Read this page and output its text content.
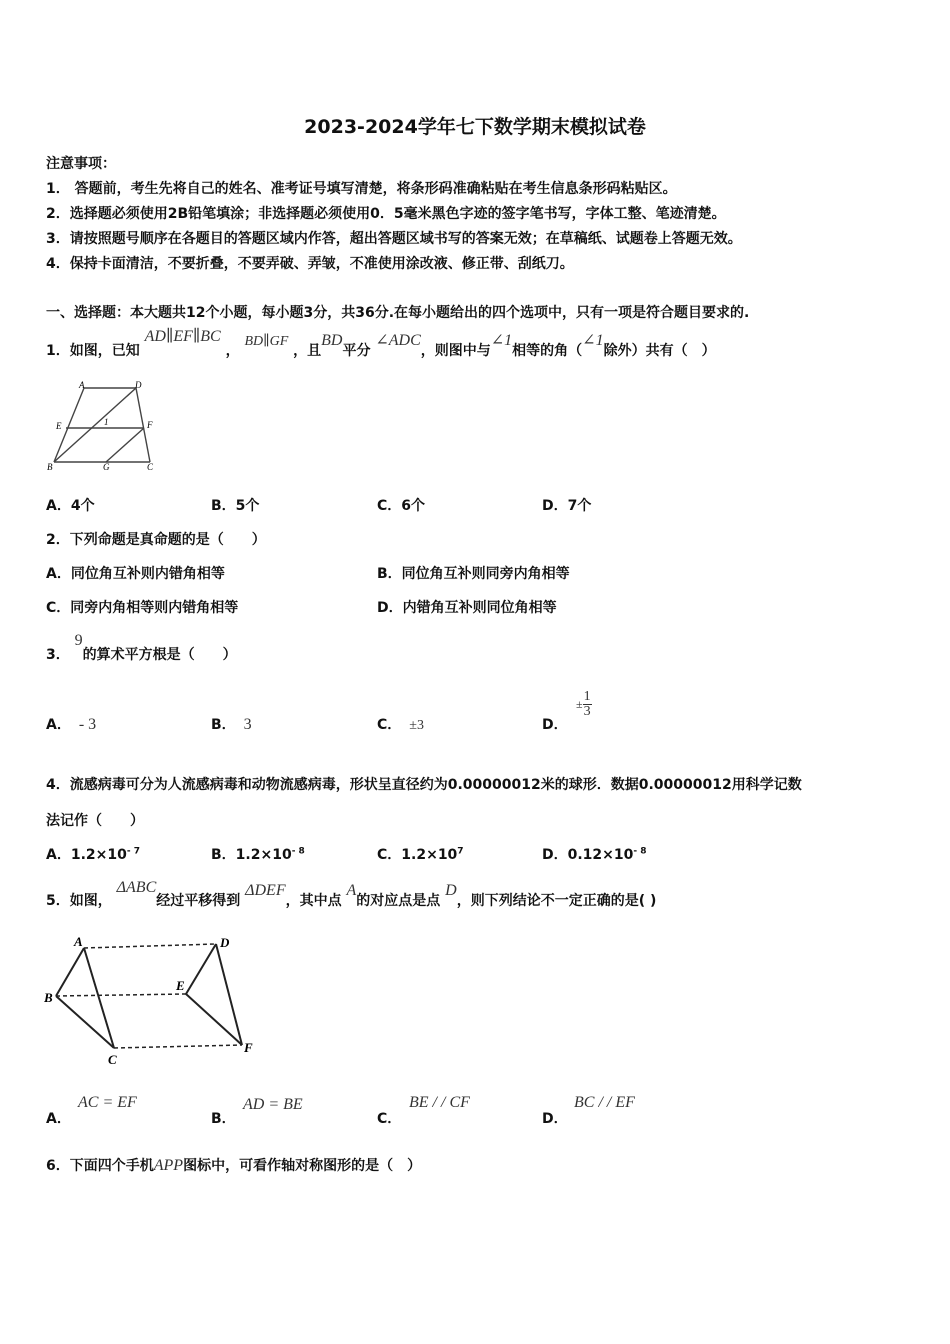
2023-2024学年七下数学期末模拟试卷
注意事项：
1． 答题前，考生先将自己的姓名、准考证号填写清楚，将条形码准确粘贴在考生信息条形码粘贴区。
2．选择题必须使用2B铅笔填涂；非选择题必须使用0．5毫米黑色字迹的签字笔书写，字体工整、笔迹清楚。
3．请按照题号顺序在各题目的答题区域内作答，超出答题区域书写的答案无效；在草稿纸、试题卷上答题无效。
4．保持卡面清洁，不要折叠，不要弄破、弄皱，不准使用涂改液、修正带、刮纸刀。
一、选择题：本大题共12个小题，每小题3分，共36分.在每小题给出的四个选项中，只有一项是符合题目要求的.
1．如图，已知 AD∥EF∥BC ， BD∥GF ，且BD平分 ∠ADC，则图中与∠1相等的角（∠1除外）共有（　）
A	D
E	F
B	G	C
1
A．4个	B．5个	C．6个	D．7个
2．下列命题是真命题的是（　　）
A．同位角互补则内错角相等	B．同位角互补则同旁内角相等
C．同旁内角相等则内错角相等	D．内错角互补则同位角相等
3． 9的算术平方根是（　　）
A． - 3	B． 3	C． ±3	D．
± $\frac{1}{3}$
4．流感病毒可分为人流感病毒和动物流感病毒，形状呈直径约为0.00000012米的球形．数据0.00000012用科学记数
法记作（　　）
A．$1.2\times 10^{- 7}$	B．$1.2\times 10^{- 8}$	C．$1.2\times 10^7$	D．$0.12\times 10^{- 8}$
5．如图， ΔABC经过平移得到 ΔDEF，其中点 A的对应点是点 D，则下列结论不一定正确的是( )
A	D
B
E
C
F
A．
AC = EF
B．
AD = BE
C．
BE / / CF
D．
BC / / EF
6．下面四个手机APP图标中，可看作轴对称图形的是（　）
